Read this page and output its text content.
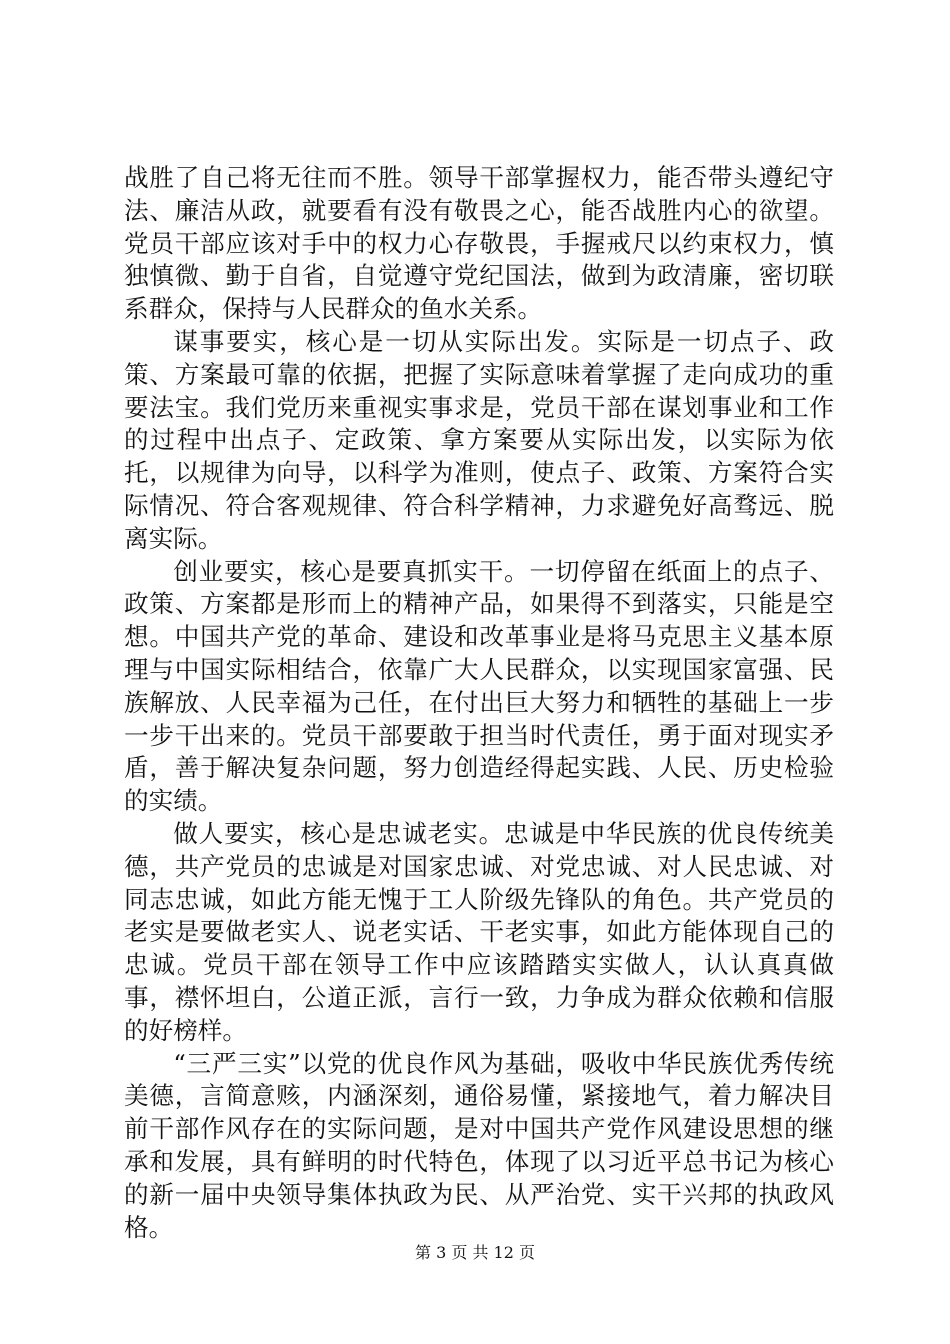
战胜了自己将无往而不胜。领导干部掌握权力，能否带头遵纪守法、廉洁从政，就要看有没有敬畏之心，能否战胜内心的欲望。党员干部应该对手中的权力心存敬畏，手握戒尺以约束权力，慎独慎微、勤于自省，自觉遵守党纪国法，做到为政清廉，密切联系群众，保持与人民群众的鱼水关系。

谋事要实，核心是一切从实际出发。实际是一切点子、政策、方案最可靠的依据，把握了实际意味着掌握了走向成功的重要法宝。我们党历来重视实事求是，党员干部在谋划事业和工作的过程中出点子、定政策、拿方案要从实际出发，以实际为依托，以规律为向导，以科学为准则，使点子、政策、方案符合实际情况、符合客观规律、符合科学精神，力求避免好高骛远、脱离实际。

创业要实，核心是要真抓实干。一切停留在纸面上的点子、政策、方案都是形而上的精神产品，如果得不到落实，只能是空想。中国共产党的革命、建设和改革事业是将马克思主义基本原理与中国实际相结合，依靠广大人民群众，以实现国家富强、民族解放、人民幸福为己任，在付出巨大努力和牺牲的基础上一步一步干出来的。党员干部要敢于担当时代责任，勇于面对现实矛盾，善于解决复杂问题，努力创造经得起实践、人民、历史检验的实绩。

做人要实，核心是忠诚老实。忠诚是中华民族的优良传统美德，共产党员的忠诚是对国家忠诚、对党忠诚、对人民忠诚、对同志忠诚，如此方能无愧于工人阶级先锋队的角色。共产党员的老实是要做老实人、说老实话、干老实事，如此方能体现自己的忠诚。党员干部在领导工作中应该踏踏实实做人，认认真真做事，襟怀坦白，公道正派，言行一致，力争成为群众依赖和信服的好榜样。

“三严三实”以党的优良作风为基础，吸收中华民族优秀传统美德，言简意赅，内涵深刻，通俗易懂，紧接地气，着力解决目前干部作风存在的实际问题，是对中国共产党作风建设思想的继承和发展，具有鲜明的时代特色，体现了以习近平总书记为核心的新一届中央领导集体执政为民、从严治党、实干兴邦的执政风格。

第 3 页 共 12 页
